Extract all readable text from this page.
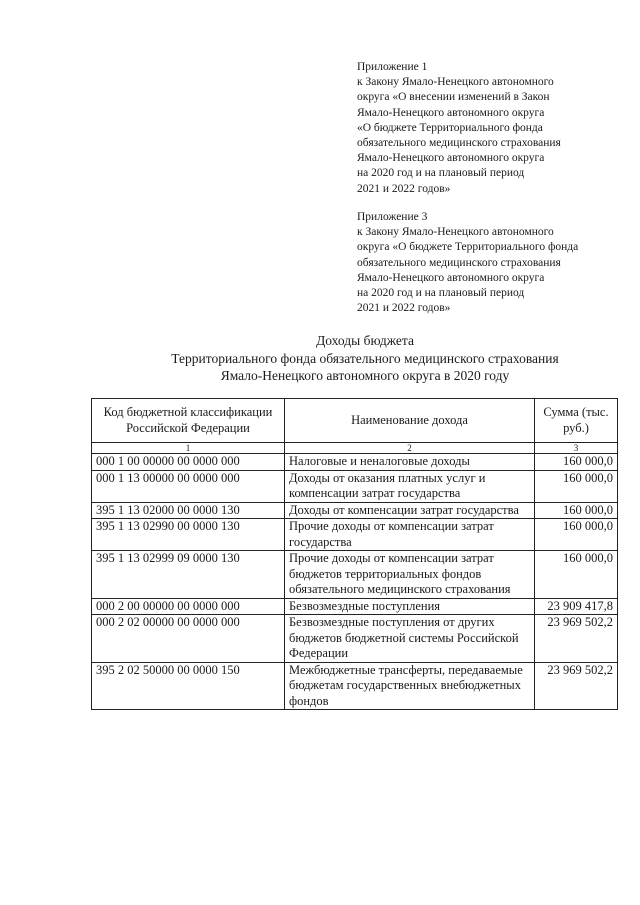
Приложение 1

к Закону Ямало-Ненецкого автономного

округа «О внесении изменений в Закон

Ямало-Ненецкого автономного округа

«О бюджете Территориального фонда

обязательного медицинского страхования

Ямало-Ненецкого автономного округа

на 2020 год и на плановый период

2021 и 2022 годов»

Приложение 3

к Закону Ямало-Ненецкого автономного

округа «О бюджете Территориального фонда

обязательного медицинского страхования

Ямало-Ненецкого автономного округа

на 2020 год и на плановый период

2021 и 2022 годов»

Доходы бюджета

Территориального фонда обязательного медицинского страхования

Ямало-Ненецкого автономного округа в 2020 году

Код бюджетной классификации Российской Федерации	Наименование дохода	Сумма (тыс. руб.)
1	2	3
000 1 00 00000 00 0000 000	Налоговые и неналоговые доходы	160 000,0
000 1 13 00000 00 0000 000	Доходы от оказания платных услуг и компенсации затрат государства	160 000,0
395 1 13 02000 00 0000 130	Доходы от компенсации затрат государства	160 000,0
395 1 13 02990 00 0000 130	Прочие доходы от компенсации затрат государства	160 000,0
395 1 13 02999 09 0000 130	Прочие доходы от компенсации затрат бюджетов территориальных фондов обязательного медицинского страхования	160 000,0
000 2 00 00000 00 0000 000	Безвозмездные поступления	23 909 417,8
000 2 02 00000 00 0000 000	Безвозмездные поступления от других бюджетов бюджетной системы Российской Федерации	23 969 502,2
395 2 02 50000 00 0000 150	Межбюджетные трансферты, передаваемые бюджетам государственных внебюджетных фондов	23 969 502,2
